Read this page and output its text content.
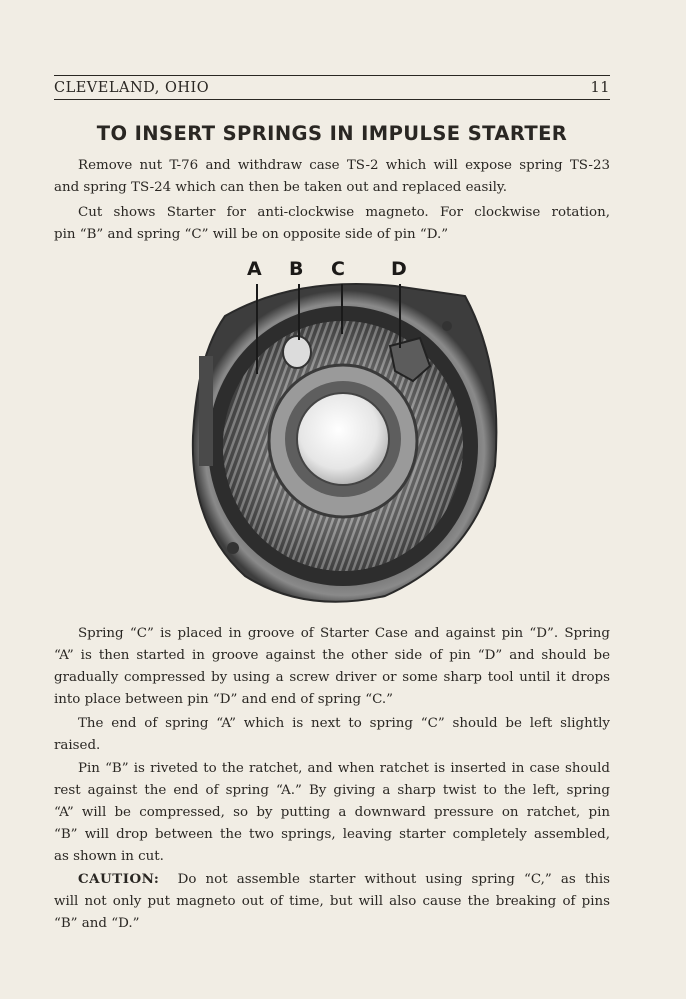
CLEVELAND, OHIO	11
TO INSERT SPRINGS IN IMPULSE STARTER

Remove nut T-76 and withdraw case TS-2 which will expose spring TS-23
and spring TS-24 which can then be taken out and replaced easily.

Cut shows Starter for anti-clockwise magneto. For clockwise rotation,
pin “B” and spring “C” will be on opposite side of pin “D.”

A B C D

Spring “C” is placed in groove of Starter Case and against pin “D”. Spring
“A” is then started in groove against the other side of pin “D” and should be
gradually compressed by using a screw driver or some sharp tool until it drops
into place between pin “D” and end of spring “C.”

The end of spring “A” which is next to spring “C” should be left slightly
raised.

Pin “B” is riveted to the ratchet, and when ratchet is inserted in case should
rest against the end of spring “A.” By giving a sharp twist to the left, spring
“A” will be compressed, so by putting a downward pressure on ratchet, pin
“B” will drop between the two springs, leaving starter completely assembled,
as shown in cut.

CAUTION: Do not assemble starter without using spring “C,” as this
will not only put magneto out of time, but will also cause the breaking of pins
“B” and “D.”
